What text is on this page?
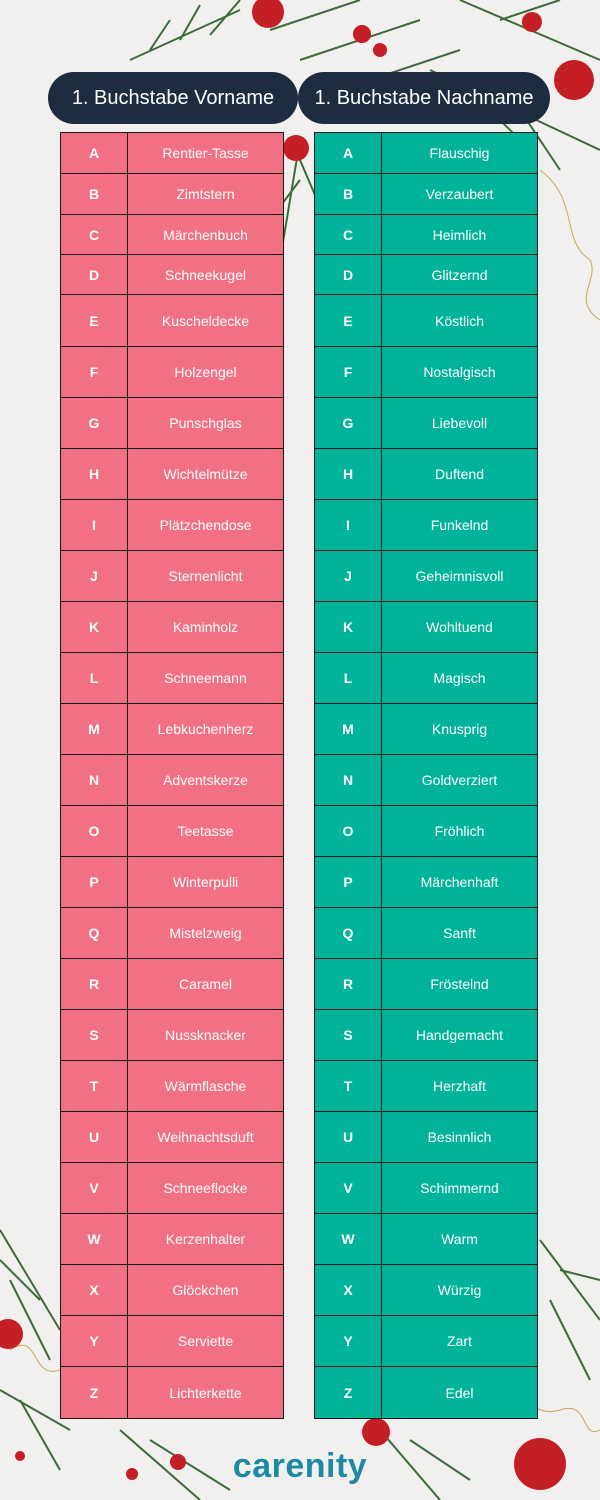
1. Buchstabe Vorname	1. Buchstabe Nachname
A	Rentier-Tasse
B	Zimtstern
C	Märchenbuch
D	Schneekugel
E	Kuscheldecke
F	Holzengel
G	Punschglas
H	Wichtelmütze
I	Plätzchendose
J	Sternenlicht
K	Kaminholz
L	Schneemann
M	Lebkuchenherz
N	Adventskerze
O	Teetasse
P	Winterpulli
Q	Mistelzweig
R	Caramel
S	Nussknacker
T	Wärmflasche
U	Weihnachtsduft
V	Schneeflocke
W	Kerzenhalter
X	Glöckchen
Y	Serviette
Z	Lichterkette
A	Flauschig
B	Verzaubert
C	Heimlich
D	Glitzernd
E	Köstlich
F	Nostalgisch
G	Liebevoll
H	Duftend
I	Funkelnd
J	Geheimnisvoll
K	Wohltuend
L	Magisch
M	Knusprig
N	Goldverziert
O	Fröhlich
P	Märchenhaft
Q	Sanft
R	Fröstelnd
S	Handgemacht
T	Herzhaft
U	Besinnlich
V	Schimmernd
W	Warm
X	Würzig
Y	Zart
Z	Edel
caren ity
